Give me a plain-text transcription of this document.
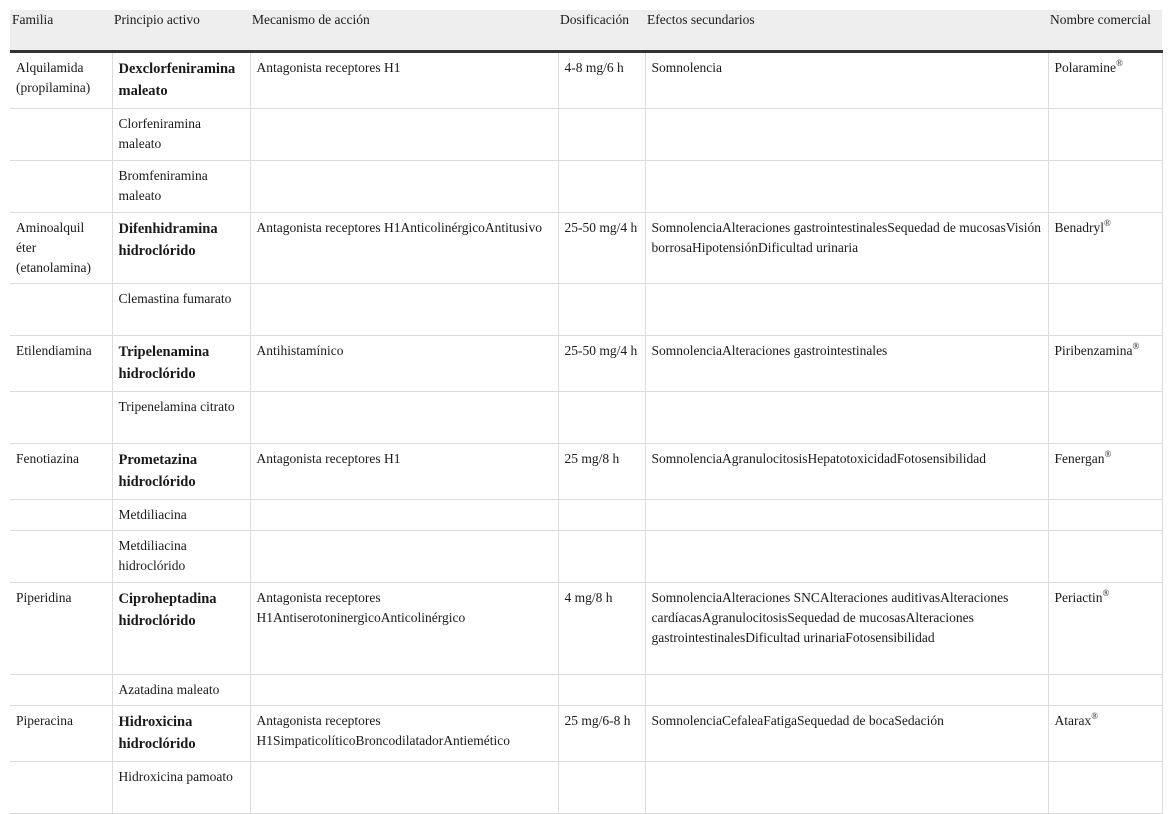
Familia	Principio activo	Mecanismo de acción	Dosificación	Efectos secundarios	Nombre comercial
Alquilamida (propilamina)	Dexclorfeniramina maleato	Antagonista receptores H1	4-8 mg/6 h	Somnolencia	Polaramine®
	Clorfeniramina maleato				
	Bromfeniramina maleato				
Aminoalquil éter (etanolamina)	Difenhidramina hidroclórido	Antagonista receptores H1AnticolinérgicoAntitusivo	25-50 mg/4 h	SomnolenciaAlteraciones gastrointestinalesSequedad de mucosasVisión borrosaHipotensiónDificultad urinaria	Benadryl®
	Clemastina fumarato				
Etilendiamina	Tripelenamina hidroclórido	Antihistamínico	25-50 mg/4 h	SomnolenciaAlteraciones gastrointestinales	Piribenzamina®
	Tripenelamina citrato				
Fenotiazina	Prometazina hidroclórido	Antagonista receptores H1	25 mg/8 h	SomnolenciaAgranulocitosisHepatotoxicidadFotosensibilidad	Fenergan®
	Metdiliacina				
	Metdiliacina hidroclórido				
Piperidina	Ciproheptadina hidroclórido	Antagonista receptores H1AntiserotoninergicoAnticolinérgico	4 mg/8 h	SomnolenciaAlteraciones SNCAlteraciones auditivasAlteraciones cardíacasAgranulocitosisSequedad de mucosasAlteraciones gastrointestinalesDificultad urinariaFotosensibilidad	Periactin®
	Azatadina maleato				
Piperacina	Hidroxicina hidroclórido	Antagonista receptores H1SimpaticolíticoBroncodilatadorAntiemético	25 mg/6-8 h	SomnolenciaCefaleaFatigaSequedad de bocaSedación	Atarax®
	Hidroxicina pamoato				
